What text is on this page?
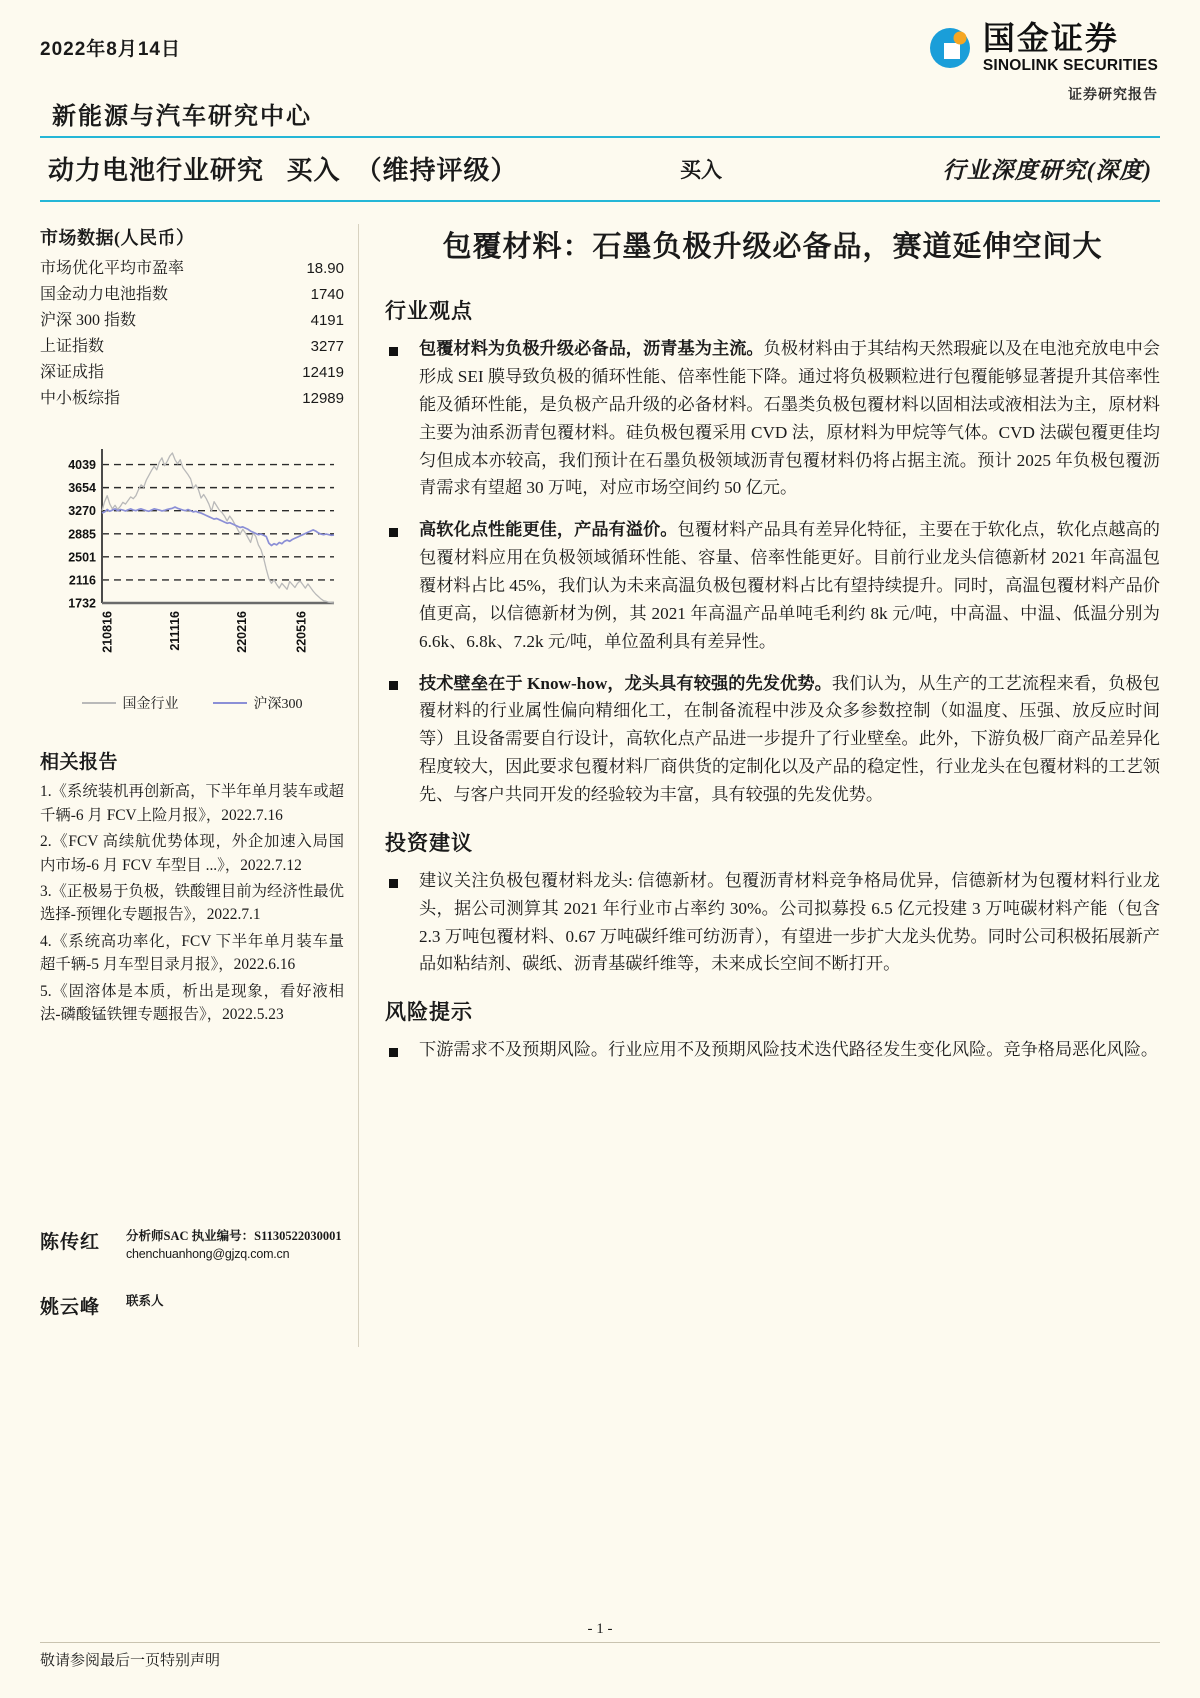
2022年8月14日
新能源与汽车研究中心
国金证券
SINOLINK SECURITIES
证券研究报告
动力电池行业研究 买入 （维持评级）	买入	行业深度研究(深度)
市场数据(人民币）
市场优化平均市盈率	18.90
国金动力电池指数	1740
沪深 300 指数	4191
上证指数	3277
深证成指	12419
中小板综指	12989
4039
3654
3270
2885
2501
2116
1732
210816	211116	220216	220516
国金行业	沪深300
相关报告
1.《系统装机再创新高，下半年单月装车或超千辆-6 月 FCV上险月报》，2022.7.16
2.《FCV 高续航优势体现，外企加速入局国内市场-6 月 FCV 车型目 ...》，2022.7.12
3.《正极易于负极，铁酸锂目前为经济性最优选择-预锂化专题报告》，2022.7.1
4.《系统高功率化，FCV 下半年单月装车量超千辆-5 月车型目录月报》，2022.6.16
5.《固溶体是本质，析出是现象，看好液相法-磷酸锰铁锂专题报告》，2022.5.23
陈传红	分析师SAC 执业编号：S1130522030001
chenchuanhong@gjzq.com.cn
姚云峰	联系人
包覆材料：石墨负极升级必备品，赛道延伸空间大
行业观点
包覆材料为负极升级必备品，沥青基为主流。负极材料由于其结构天然瑕疵以及在电池充放电中会形成 SEI 膜导致负极的循环性能、倍率性能下降。通过将负极颗粒进行包覆能够显著提升其倍率性能及循环性能，是负极产品升级的必备材料。石墨类负极包覆材料以固相法或液相法为主，原材料主要为油系沥青包覆材料。硅负极包覆采用 CVD 法，原材料为甲烷等气体。CVD 法碳包覆更佳均匀但成本亦较高，我们预计在石墨负极领域沥青包覆材料仍将占据主流。预计 2025 年负极包覆沥青需求有望超 30 万吨，对应市场空间约 50 亿元。
高软化点性能更佳，产品有溢价。包覆材料产品具有差异化特征，主要在于软化点，软化点越高的包覆材料应用在负极领域循环性能、容量、倍率性能更好。目前行业龙头信德新材 2021 年高温包覆材料占比 45%，我们认为未来高温负极包覆材料占比有望持续提升。同时，高温包覆材料产品价值更高，以信德新材为例，其 2021 年高温产品单吨毛利约 8k 元/吨，中高温、中温、低温分别为 6.6k、6.8k、7.2k 元/吨，单位盈利具有差异性。
技术壁垒在于 Know-how，龙头具有较强的先发优势。我们认为，从生产的工艺流程来看，负极包覆材料的行业属性偏向精细化工，在制备流程中涉及众多参数控制（如温度、压强、放反应时间等）且设备需要自行设计，高软化点产品进一步提升了行业壁垒。此外，下游负极厂商产品差异化程度较大，因此要求包覆材料厂商供货的定制化以及产品的稳定性，行业龙头在包覆材料的工艺领先、与客户共同开发的经验较为丰富，具有较强的先发优势。
投资建议
建议关注负极包覆材料龙头: 信德新材。包覆沥青材料竞争格局优异，信德新材为包覆材料行业龙头，据公司测算其 2021 年行业市占率约 30%。公司拟募投 6.5 亿元投建 3 万吨碳材料产能（包含 2.3 万吨包覆材料、0.67 万吨碳纤维可纺沥青），有望进一步扩大龙头优势。同时公司积极拓展新产品如粘结剂、碳纸、沥青基碳纤维等，未来成长空间不断打开。
风险提示
下游需求不及预期风险。行业应用不及预期风险技术迭代路径发生变化风险。竞争格局恶化风险。
- 1 -
敬请参阅最后一页特别声明
